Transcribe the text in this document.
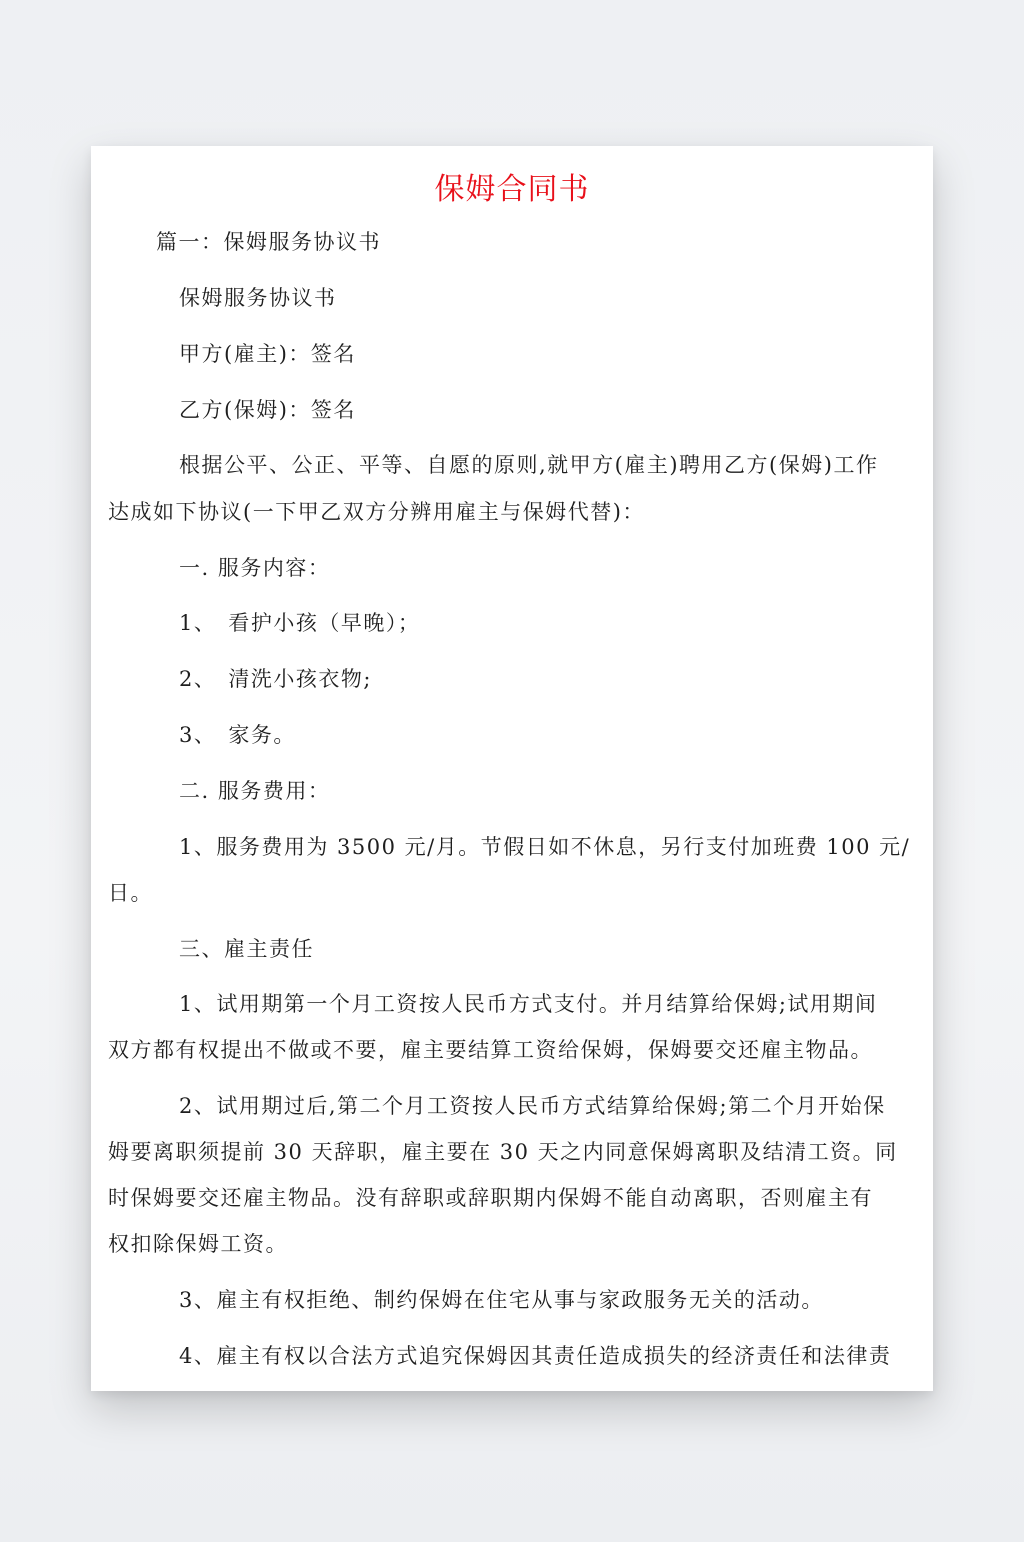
保姆合同书
篇一：保姆服务协议书
保姆服务协议书
甲方(雇主)：签名
乙方(保姆)：签名
根据公平、公正、平等、自愿的原则,就甲方(雇主)聘用乙方(保姆)工作
达成如下协议(一下甲乙双方分辨用雇主与保姆代替)：
一. 服务内容：
1、　看护小孩（早晚）；
2、　清洗小孩衣物;
3、　家务。
二. 服务费用：
1、服务费用为 3500 元/月。节假日如不休息，另行支付加班费 100 元/
日。
三、雇主责任
1、试用期第一个月工资按人民币方式支付。并月结算给保姆;试用期间
双方都有权提出不做或不要，雇主要结算工资给保姆，保姆要交还雇主物品。
2、试用期过后,第二个月工资按人民币方式结算给保姆;第二个月开始保
姆要离职须提前 30 天辞职，雇主要在 30 天之内同意保姆离职及结清工资。同
时保姆要交还雇主物品。没有辞职或辞职期内保姆不能自动离职，否则雇主有
权扣除保姆工资。
3、雇主有权拒绝、制约保姆在住宅从事与家政服务无关的活动。
4、雇主有权以合法方式追究保姆因其责任造成损失的经济责任和法律责
